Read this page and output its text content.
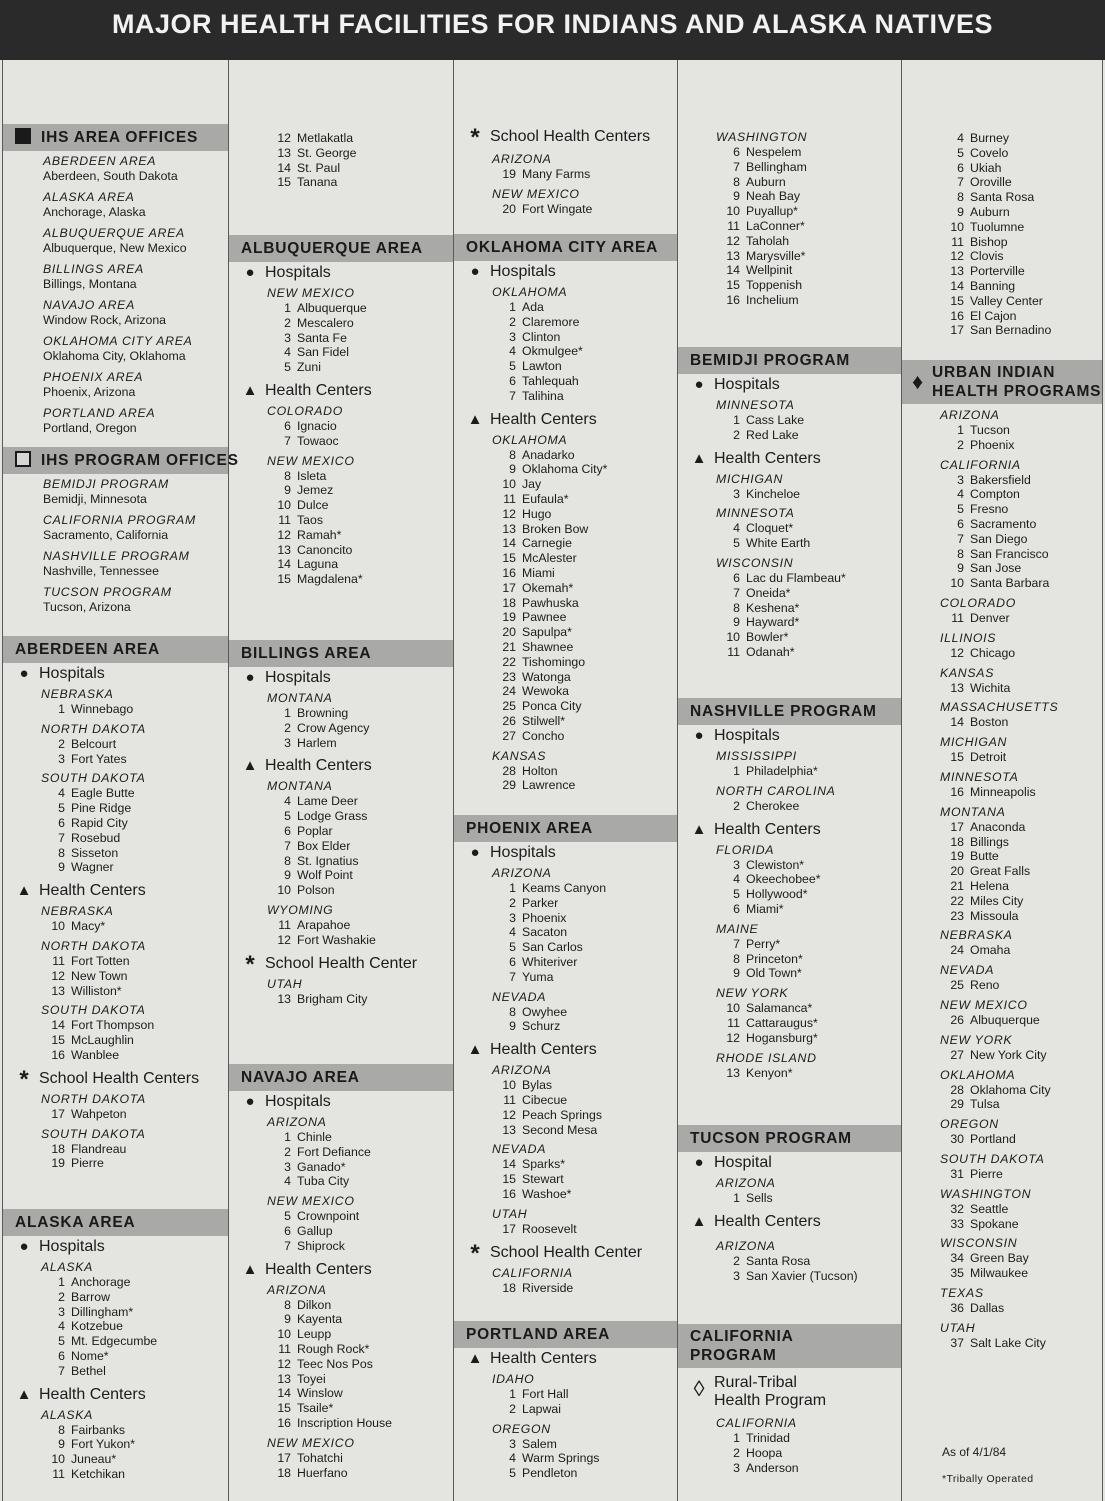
MAJOR HEALTH FACILITIES FOR INDIANS AND ALASKA NATIVES
IHS AREA OFFICES
ABERDEEN AREA
Aberdeen, South Dakota
ALASKA AREA
Anchorage, Alaska
ALBUQUERQUE AREA
Albuquerque, New Mexico
BILLINGS AREA
Billings, Montana
NAVAJO AREA
Window Rock, Arizona
OKLAHOMA CITY AREA
Oklahoma City, Oklahoma
PHOENIX AREA
Phoenix, Arizona
PORTLAND AREA
Portland, Oregon
IHS PROGRAM OFFICES
BEMIDJI PROGRAM
Bemidji, Minnesota
CALIFORNIA PROGRAM
Sacramento, California
NASHVILLE PROGRAM
Nashville, Tennessee
TUCSON PROGRAM
Tucson, Arizona
ABERDEEN AREA
● Hospitals
NEBRASKA
1 Winnebago
NORTH DAKOTA
2 Belcourt
3 Fort Yates
SOUTH DAKOTA
4 Eagle Butte
5 Pine Ridge
6 Rapid City
7 Rosebud
8 Sisseton
9 Wagner
▲ Health Centers
NEBRASKA
10 Macy*
NORTH DAKOTA
11 Fort Totten
12 New Town
13 Williston*
SOUTH DAKOTA
14 Fort Thompson
15 McLaughlin
16 Wanblee
* School Health Centers
NORTH DAKOTA
17 Wahpeton
SOUTH DAKOTA
18 Flandreau
19 Pierre
ALASKA AREA
● Hospitals
ALASKA
1 Anchorage
2 Barrow
3 Dillingham*
4 Kotzebue
5 Mt. Edgecumbe
6 Nome*
7 Bethel
▲ Health Centers
ALASKA
8 Fairbanks
9 Fort Yukon*
10 Juneau*
11 Ketchikan
12 Metlakatla
13 St. George
14 St. Paul
15 Tanana
ALBUQUERQUE AREA
● Hospitals
NEW MEXICO
1 Albuquerque
2 Mescalero
3 Santa Fe
4 San Fidel
5 Zuni
▲ Health Centers
COLORADO
6 Ignacio
7 Towaoc
NEW MEXICO
8 Isleta
9 Jemez
10 Dulce
11 Taos
12 Ramah*
13 Canoncito
14 Laguna
15 Magdalena*
BILLINGS AREA
● Hospitals
MONTANA
1 Browning
2 Crow Agency
3 Harlem
▲ Health Centers
MONTANA
4 Lame Deer
5 Lodge Grass
6 Poplar
7 Box Elder
8 St. Ignatius
9 Wolf Point
10 Polson
WYOMING
11 Arapahoe
12 Fort Washakie
* School Health Center
UTAH
13 Brigham City
NAVAJO AREA
● Hospitals
ARIZONA
1 Chinle
2 Fort Defiance
3 Ganado*
4 Tuba City
NEW MEXICO
5 Crownpoint
6 Gallup
7 Shiprock
▲ Health Centers
ARIZONA
8 Dilkon
9 Kayenta
10 Leupp
11 Rough Rock*
12 Teec Nos Pos
13 Toyei
14 Winslow
15 Tsaile*
16 Inscription House
NEW MEXICO
17 Tohatchi
18 Huerfano
* School Health Centers
ARIZONA
19 Many Farms
NEW MEXICO
20 Fort Wingate
OKLAHOMA CITY AREA
● Hospitals
OKLAHOMA
1 Ada
2 Claremore
3 Clinton
4 Okmulgee*
5 Lawton
6 Tahlequah
7 Talihina
▲ Health Centers
OKLAHOMA
8 Anadarko
9 Oklahoma City*
10 Jay
11 Eufaula*
12 Hugo
13 Broken Bow
14 Carnegie
15 McAlester
16 Miami
17 Okemah*
18 Pawhuska
19 Pawnee
20 Sapulpa*
21 Shawnee
22 Tishomingo
23 Watonga
24 Wewoka
25 Ponca City
26 Stilwell*
27 Concho
KANSAS
28 Holton
29 Lawrence
PHOENIX AREA
● Hospitals
ARIZONA
1 Keams Canyon
2 Parker
3 Phoenix
4 Sacaton
5 San Carlos
6 Whiteriver
7 Yuma
NEVADA
8 Owyhee
9 Schurz
▲ Health Centers
ARIZONA
10 Bylas
11 Cibecue
12 Peach Springs
13 Second Mesa
NEVADA
14 Sparks*
15 Stewart
16 Washoe*
UTAH
17 Roosevelt
* School Health Center
CALIFORNIA
18 Riverside
PORTLAND AREA
▲ Health Centers
IDAHO
1 Fort Hall
2 Lapwai
OREGON
3 Salem
4 Warm Springs
5 Pendleton
WASHINGTON
6 Nespelem
7 Bellingham
8 Auburn
9 Neah Bay
10 Puyallup*
11 LaConner*
12 Taholah
13 Marysville*
14 Wellpinit
15 Toppenish
16 Inchelium
BEMIDJI PROGRAM
● Hospitals
MINNESOTA
1 Cass Lake
2 Red Lake
▲ Health Centers
MICHIGAN
3 Kincheloe
MINNESOTA
4 Cloquet*
5 White Earth
WISCONSIN
6 Lac du Flambeau*
7 Oneida*
8 Keshena*
9 Hayward*
10 Bowler*
11 Odanah*
NASHVILLE PROGRAM
● Hospitals
MISSISSIPPI
1 Philadelphia*
NORTH CAROLINA
2 Cherokee
▲ Health Centers
FLORIDA
3 Clewiston*
4 Okeechobee*
5 Hollywood*
6 Miami*
MAINE
7 Perry*
8 Princeton*
9 Old Town*
NEW YORK
10 Salamanca*
11 Cattaraugus*
12 Hogansburg*
RHODE ISLAND
13 Kenyon*
TUCSON PROGRAM
● Hospital
ARIZONA
1 Sells
▲ Health Centers
ARIZONA
2 Santa Rosa
3 San Xavier (Tucson)
CALIFORNIA
PROGRAM
◊ Rural-Tribal
Health Program
CALIFORNIA
1 Trinidad
2 Hoopa
3 Anderson
4 Burney
5 Covelo
6 Ukiah
7 Oroville
8 Santa Rosa
9 Auburn
10 Tuolumne
11 Bishop
12 Clovis
13 Porterville
14 Banning
15 Valley Center
16 El Cajon
17 San Bernadino
♦ URBAN INDIAN
HEALTH PROGRAMS
ARIZONA
1 Tucson
2 Phoenix
CALIFORNIA
3 Bakersfield
4 Compton
5 Fresno
6 Sacramento
7 San Diego
8 San Francisco
9 San Jose
10 Santa Barbara
COLORADO
11 Denver
ILLINOIS
12 Chicago
KANSAS
13 Wichita
MASSACHUSETTS
14 Boston
MICHIGAN
15 Detroit
MINNESOTA
16 Minneapolis
MONTANA
17 Anaconda
18 Billings
19 Butte
20 Great Falls
21 Helena
22 Miles City
23 Missoula
NEBRASKA
24 Omaha
NEVADA
25 Reno
NEW MEXICO
26 Albuquerque
NEW YORK
27 New York City
OKLAHOMA
28 Oklahoma City
29 Tulsa
OREGON
30 Portland
SOUTH DAKOTA
31 Pierre
WASHINGTON
32 Seattle
33 Spokane
WISCONSIN
34 Green Bay
35 Milwaukee
TEXAS
36 Dallas
UTAH
37 Salt Lake City
As of 4/1/84
*Tribally Operated
